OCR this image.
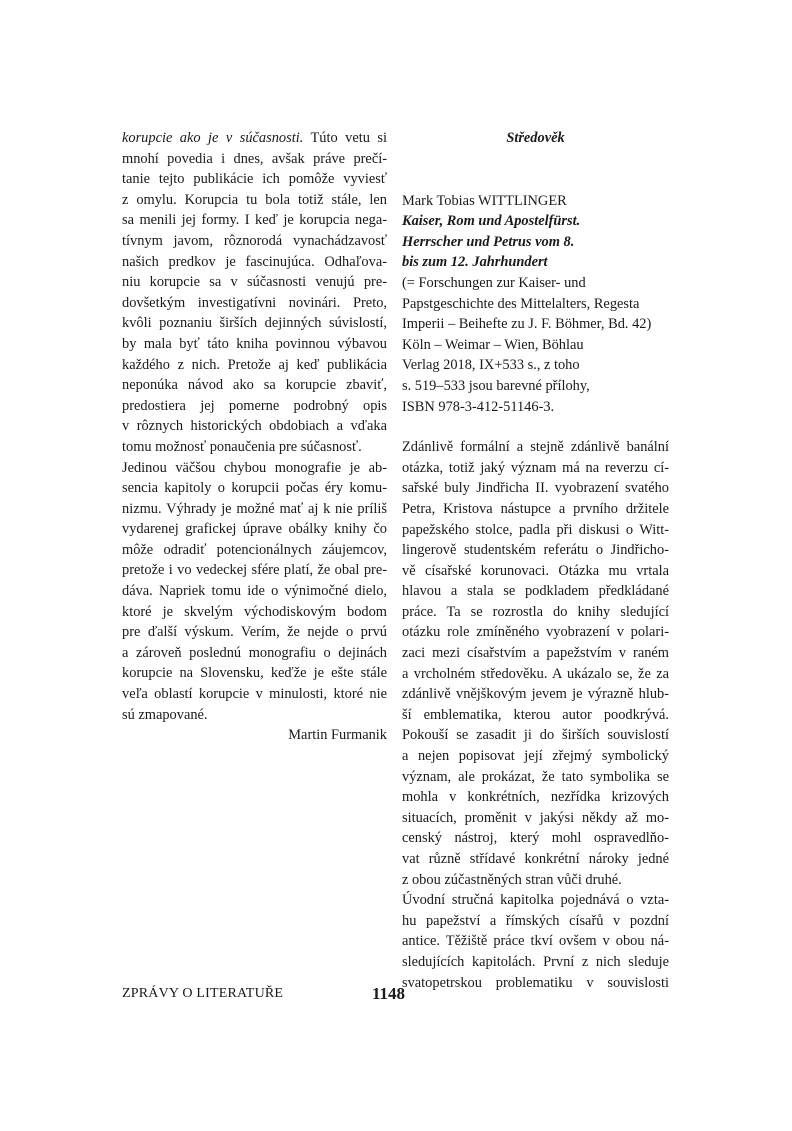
korupcie ako je v súčasnosti. Túto vetu si
mnohí povedia i dnes, avšak práve prečí-
tanie tejto publikácie ich pomôže vyviesť
z omylu. Korupcia tu bola totiž stále, len
sa menili jej formy. I keď je korupcia nega-
tívnym javom, rôznorodá vynachádzavosť
našich predkov je fascinujúca. Odhaľova-
niu korupcie sa v súčasnosti venujú pre-
dovšetkým investigatívni novinári. Preto,
kvôli poznaniu širších dejinných súvislostí,
by mala byť táto kniha povinnou výbavou
každého z nich. Pretože aj keď publikácia
neponúka návod ako sa korupcie zbaviť,
predostiera jej pomerne podrobný opis
v rôznych historických obdobiach a vďaka
tomu možnosť ponaučenia pre súčasnosť.
Jedinou väčšou chybou monografie je ab-
sencia kapitoly o korupcii počas éry komu-
nizmu. Výhrady je možné mať aj k nie príliš
vydarenej grafickej úprave obálky knihy čo
môže odradiť potencionálnych záujemcov,
pretože i vo vedeckej sfére platí, že obal pre-
dáva. Napriek tomu ide o výnimočné dielo,
ktoré je skvelým východiskovým bodom
pre ďalší výskum. Verím, že nejde o prvú
a zároveň poslednú monografiu o dejinách
korupcie na Slovensku, keďže je ešte stále
veľa oblastí korupcie v minulosti, ktoré nie
sú zmapované.
Martin Furmanik
Středověk
Mark Tobias WITTLINGER
Kaiser, Rom und Apostelfürst.
Herrscher und Petrus vom 8.
bis zum 12. Jahrhundert
(= Forschungen zur Kaiser- und
Papstgeschichte des Mittelalters, Regesta
Imperii – Beihefte zu J. F. Böhmer, Bd. 42)
Köln – Weimar – Wien, Böhlau
Verlag 2018, IX+533 s., z toho
s. 519–533 jsou barevné přílohy,
ISBN 978-3-412-51146-3.
Zdánlivě formální a stejně zdánlivě banální
otázka, totiž jaký význam má na reverzu cí-
sařské buly Jindřicha II. vyobrazení svatého
Petra, Kristova nástupce a prvního držitele
papežského stolce, padla při diskusi o Witt-
lingerově studentském referátu o Jindřicho-
vě císařské korunovaci. Otázka mu vrtala
hlavou a stala se podkladem předkládané
práce. Ta se rozrostla do knihy sledující
otázku role zmíněného vyobrazení v polari-
zaci mezi císařstvím a papežstvím v raném
a vrcholném středověku. A ukázalo se, že za
zdánlivě vnějškovým jevem je výrazně hlub-
ší emblematika, kterou autor poodkrývá.
Pokouší se zasadit ji do širších souvislostí
a nejen popisovat její zřejmý symbolický
význam, ale prokázat, že tato symbolika se
mohla v konkrétních, nezřídka krizových
situacích, proměnit v jakýsi někdy až mo-
censký nástroj, který mohl ospravedlňo-
vat různě střídavé konkrétní nároky jedné
z obou zúčastněných stran vůči druhé.
Úvodní stručná kapitolka pojednává o vzta-
hu papežství a římských císařů v pozdní
antice. Těžiště práce tkví ovšem v obou ná-
sledujících kapitolách. První z nich sleduje
svatopetrskou problematiku v souvislosti
ZPRÁVY O LITERATUŘE	1148
